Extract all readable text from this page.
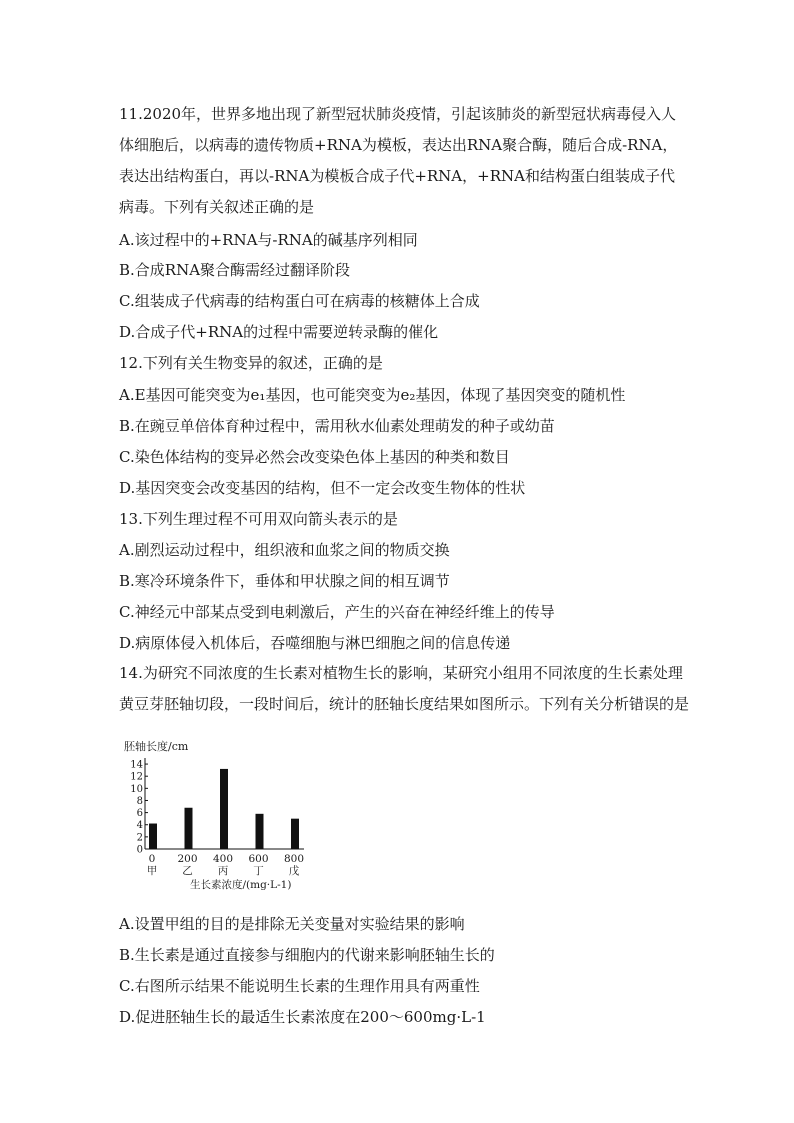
11.2020年，世界多地出现了新型冠状肺炎疫情，引起该肺炎的新型冠状病毒侵入人体细胞后，以病毒的遗传物质+RNA为模板，表达出RNA聚合酶，随后合成-RNA，表达出结构蛋白，再以-RNA为模板合成子代+RNA，+RNA和结构蛋白组装成子代病毒。下列有关叙述正确的是
A.该过程中的+RNA与-RNA的碱基序列相同
B.合成RNA聚合酶需经过翻译阶段
C.组装成子代病毒的结构蛋白可在病毒的核糖体上合成
D.合成子代+RNA的过程中需要逆转录酶的催化
12.下列有关生物变异的叙述，正确的是
A.E基因可能突变为e₁基因，也可能突变为e₂基因，体现了基因突变的随机性
B.在豌豆单倍体育种过程中，需用秋水仙素处理萌发的种子或幼苗
C.染色体结构的变异必然会改变染色体上基因的种类和数目
D.基因突变会改变基因的结构，但不一定会改变生物体的性状
13.下列生理过程不可用双向箭头表示的是
A.剧烈运动过程中，组织液和血浆之间的物质交换
B.寒冷环境条件下，垂体和甲状腺之间的相互调节
C.神经元中部某点受到电刺激后，产生的兴奋在神经纤维上的传导
D.病原体侵入机体后，吞噬细胞与淋巴细胞之间的信息传递
14.为研究不同浓度的生长素对植物生长的影响，某研究小组用不同浓度的生长素处理黄豆芽胚轴切段，一段时间后，统计的胚轴长度结果如图所示。下列有关分析错误的是
胚轴长度/cm
0
2
4
6
8
10
12
14
0
甲
200
乙
400
丙
600
丁
800
戊
生长素浓度/(mg·L-1)
A.设置甲组的目的是排除无关变量对实验结果的影响
B.生长素是通过直接参与细胞内的代谢来影响胚轴生长的
C.右图所示结果不能说明生长素的生理作用具有两重性
D.促进胚轴生长的最适生长素浓度在200～600mg·L-1
